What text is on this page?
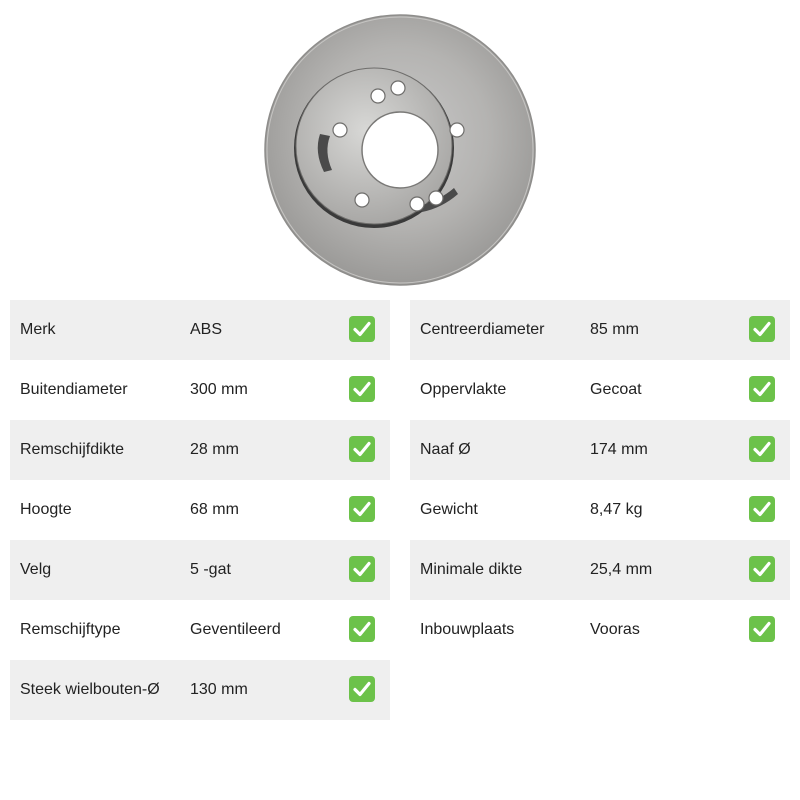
Merk	ABS
Buitendiameter	300 mm
Remschijfdikte	28 mm
Hoogte	68 mm
Velg	5 -gat
Remschijftype	Geventileerd
Steek wielbouten-Ø 130 mm
Centreerdiameter	85 mm
Oppervlakte	Gecoat
Naaf Ø	174 mm
Gewicht	8,47 kg
Minimale dikte	25,4 mm
Inbouwplaats	Vooras
